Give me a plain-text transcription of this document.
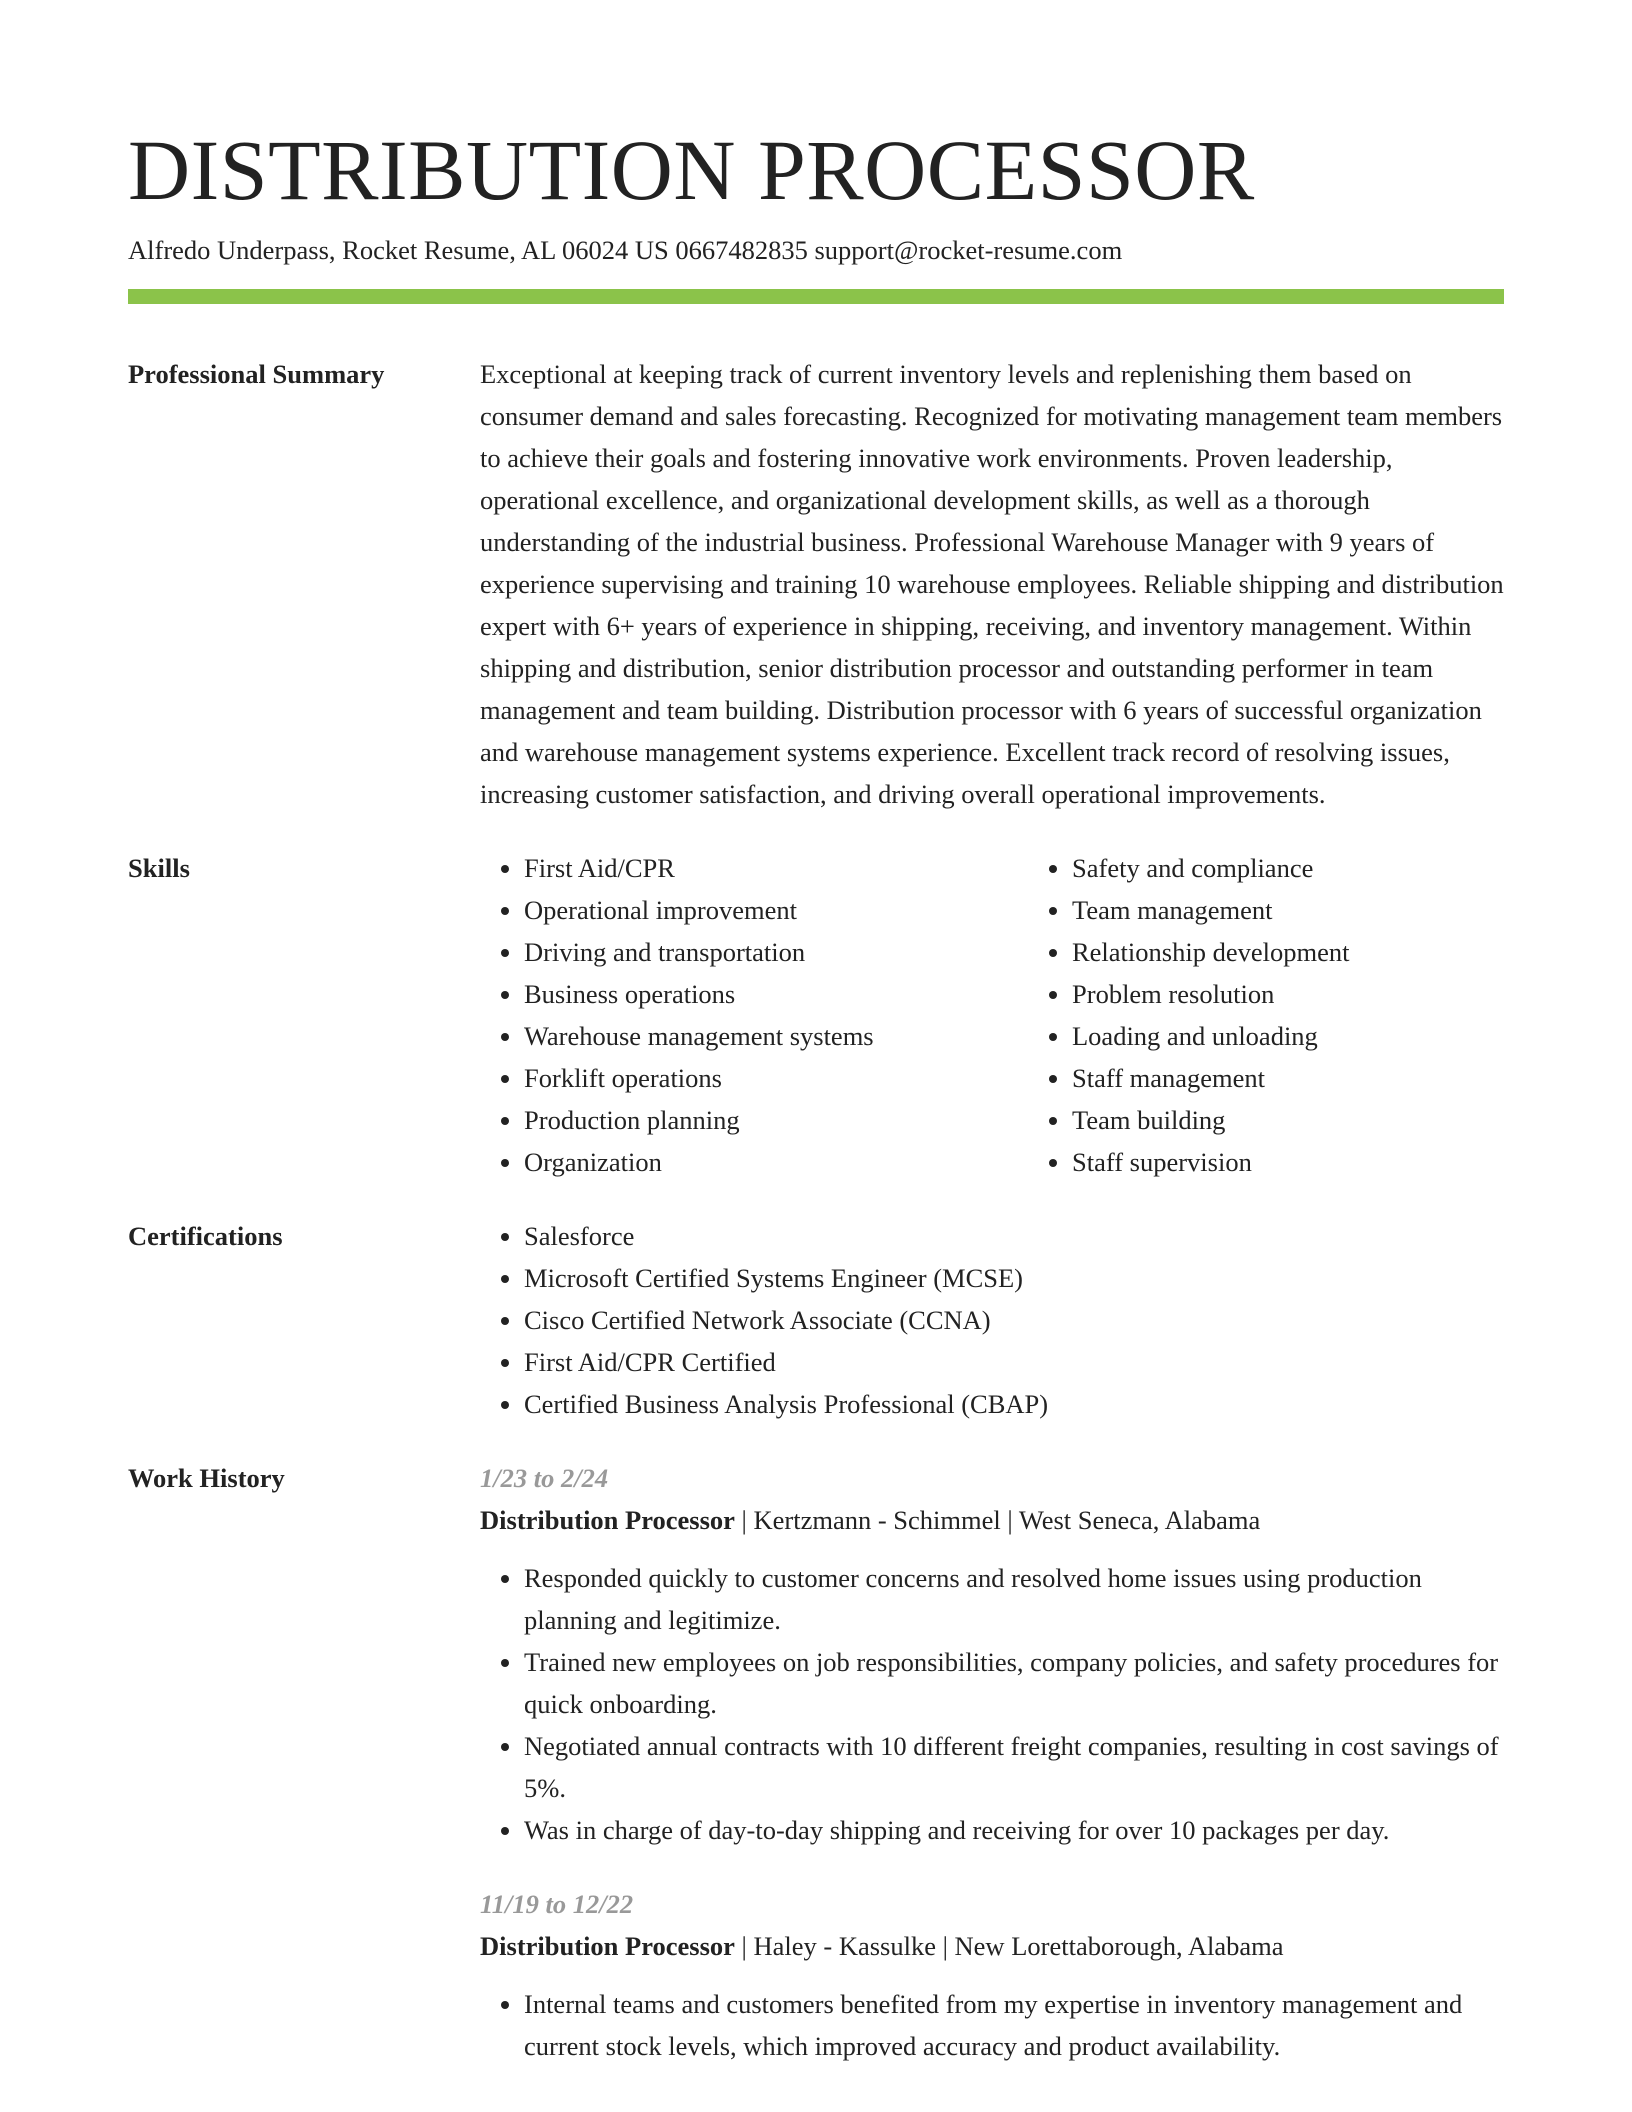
DISTRIBUTION PROCESSOR
Alfredo Underpass, Rocket Resume, AL 06024 US 0667482835 support@rocket-resume.com
Professional Summary	Exceptional at keeping track of current inventory levels and replenishing them based on consumer demand and sales forecasting. Recognized for motivating management team members to achieve their goals and fostering innovative work environments. Proven leadership, operational excellence, and organizational development skills, as well as a thorough understanding of the industrial business. Professional Warehouse Manager with 9 years of experience supervising and training 10 warehouse employees. Reliable shipping and distribution expert with 6+ years of experience in shipping, receiving, and inventory management. Within shipping and distribution, senior distribution processor and outstanding performer in team management and team building. Distribution processor with 6 years of successful organization and warehouse management systems experience. Excellent track record of resolving issues, increasing customer satisfaction, and driving overall operational improvements.
Skills	• First Aid/CPR
• Operational improvement
• Driving and transportation
• Business operations
• Warehouse management systems
• Forklift operations
• Production planning
• Organization
• Safety and compliance
• Team management
• Relationship development
• Problem resolution
• Loading and unloading
• Staff management
• Team building
• Staff supervision
Certifications	• Salesforce
• Microsoft Certified Systems Engineer (MCSE)
• Cisco Certified Network Associate (CCNA)
• First Aid/CPR Certified
• Certified Business Analysis Professional (CBAP)
Work History	1/23 to 2/24
Distribution Processor | Kertzmann - Schimmel | West Seneca, Alabama
• Responded quickly to customer concerns and resolved home issues using production planning and legitimize.
• Trained new employees on job responsibilities, company policies, and safety procedures for quick onboarding.
• Negotiated annual contracts with 10 different freight companies, resulting in cost savings of 5%.
• Was in charge of day-to-day shipping and receiving for over 10 packages per day.
11/19 to 12/22
Distribution Processor | Haley - Kassulke | New Lorettaborough, Alabama
• Internal teams and customers benefited from my expertise in inventory management and current stock levels, which improved accuracy and product availability.
